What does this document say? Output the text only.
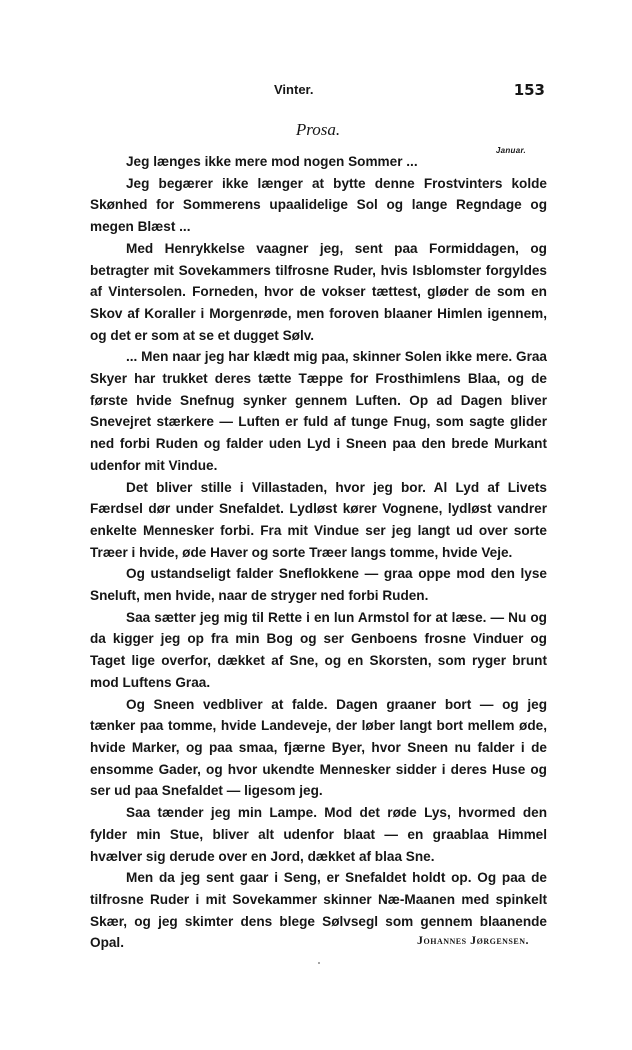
Vinter.	153
Prosa.
Januar.

Jeg længes ikke mere mod nogen Sommer ...

Jeg begærer ikke længer at bytte denne Frostvinters kolde Skønhed for Sommerens upaalidelige Sol og lange Regndage og megen Blæst ...

Med Henrykkelse vaagner jeg, sent paa Formiddagen, og betragter mit Sovekammers tilfrosne Ruder, hvis Isblomster forgyldes af Vintersolen. Forneden, hvor de vokser tættest, gløder de som en Skov af Koraller i Morgenrøde, men foroven blaaner Himlen igennem, og det er som at se et dugget Sølv.

... Men naar jeg har klædt mig paa, skinner Solen ikke mere. Graa Skyer har trukket deres tætte Tæppe for Frosthimlens Blaa, og de første hvide Snefnug synker gennem Luften. Op ad Dagen bliver Snevejret stærkere — Luften er fuld af tunge Fnug, som sagte glider ned forbi Ruden og falder uden Lyd i Sneen paa den brede Murkant udenfor mit Vindue.

Det bliver stille i Villastaden, hvor jeg bor. Al Lyd af Livets Færdsel dør under Snefaldet. Lydløst kører Vognene, lydløst vandrer enkelte Mennesker forbi. Fra mit Vindue ser jeg langt ud over sorte Træer i hvide, øde Haver og sorte Træer langs tomme, hvide Veje.

Og ustandseligt falder Sneflokkene — graa oppe mod den lyse Sneluft, men hvide, naar de stryger ned forbi Ruden.

Saa sætter jeg mig til Rette i en lun Armstol for at læse. — Nu og da kigger jeg op fra min Bog og ser Genboens frosne Vinduer og Taget lige overfor, dækket af Sne, og en Skorsten, som ryger brunt mod Luftens Graa.

Og Sneen vedbliver at falde. Dagen graaner bort — og jeg tænker paa tomme, hvide Landeveje, der løber langt bort mellem øde, hvide Marker, og paa smaa, fjærne Byer, hvor Sneen nu falder i de ensomme Gader, og hvor ukendte Mennesker sidder i deres Huse og ser ud paa Snefaldet — ligesom jeg.

Saa tænder jeg min Lampe. Mod det røde Lys, hvormed den fylder min Stue, bliver alt udenfor blaat — en graablaa Himmel hvælver sig derude over en Jord, dækket af blaa Sne.

Men da jeg sent gaar i Seng, er Snefaldet holdt op. Og paa de tilfrosne Ruder i mit Sovekammer skinner Næ-Maanen med spinkelt Skær, og jeg skimter dens blege Sølvsegl som gennem blaanende Opal.	Johannes Jørgensen.
